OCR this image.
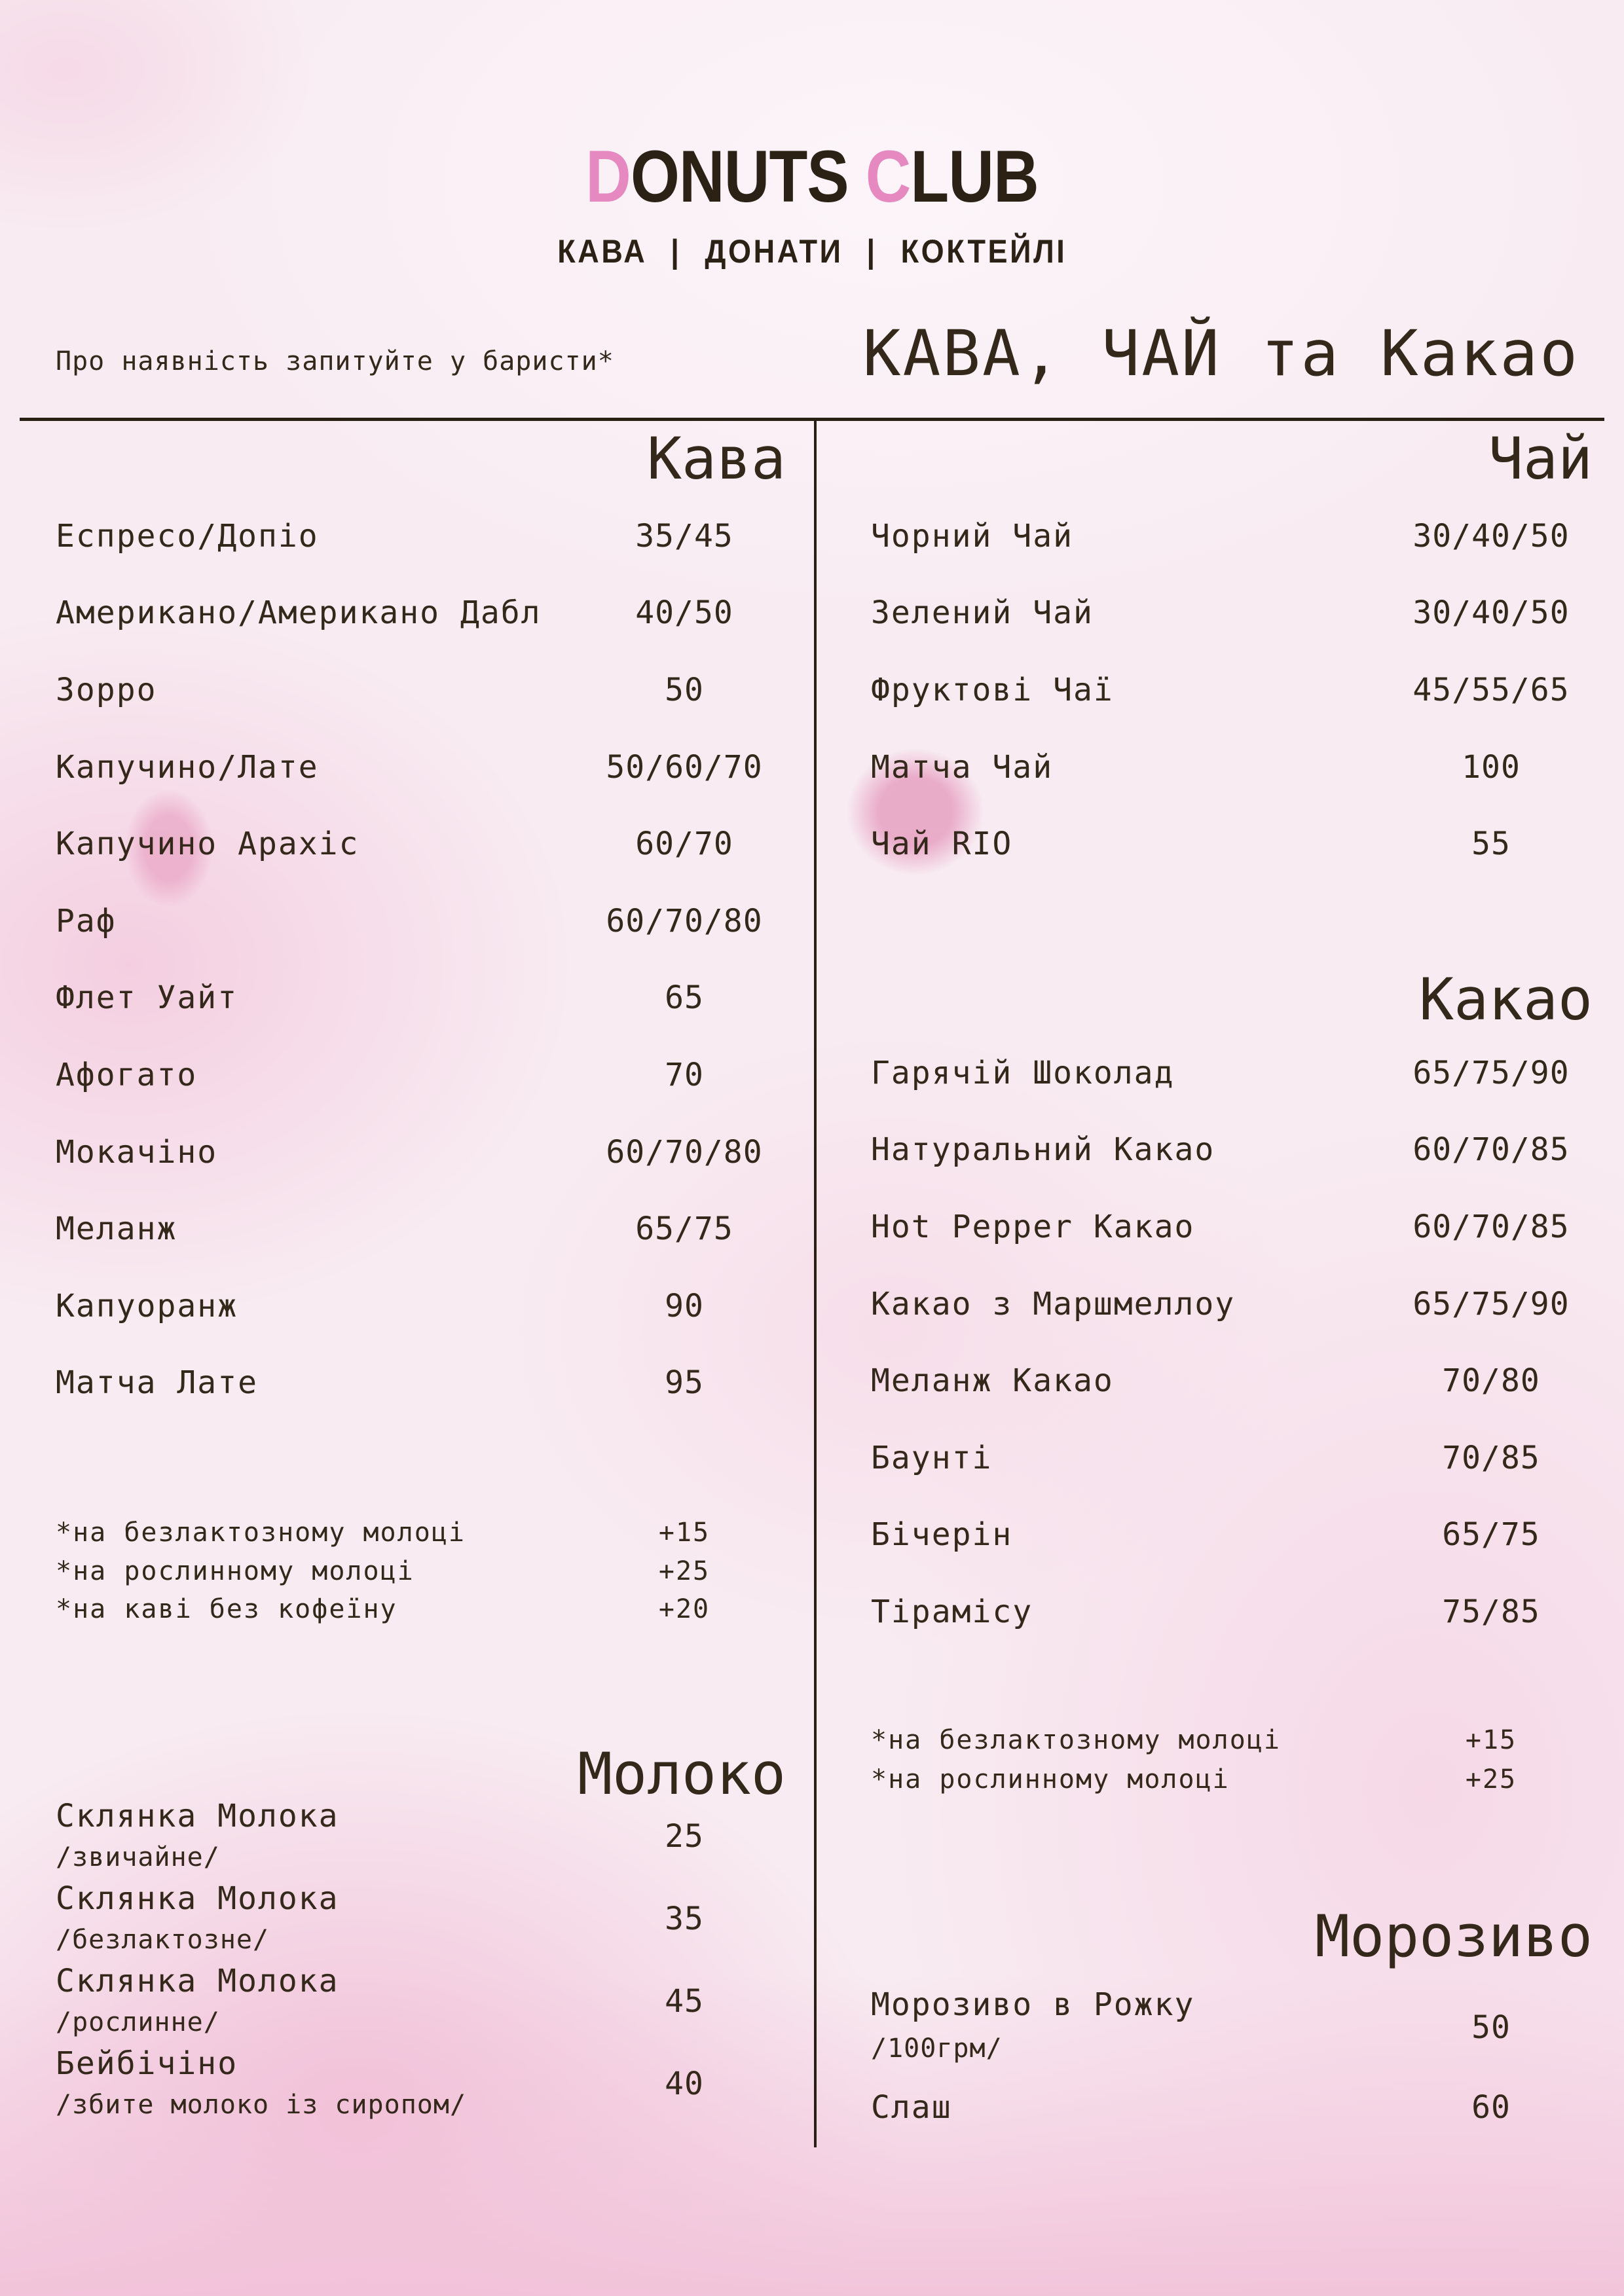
DONUTS CLUB
КАВА | ДОНАТИ | КОКТЕЙЛІ
Про наявність запитуйте у баристи*	КАВА, ЧАЙ та Какао
Кава
Еспресо/Допіо	35/45
Американо/Американо Дабл	40/50
Зорро	50
Капучино/Лате	50/60/70
Капучино Арахіс	60/70
Раф	60/70/80
Флет Уайт	65
Афогато	70
Мокачіно	60/70/80
Меланж	65/75
Капуоранж	90
Матча Лате	95
*на безлактозному молоці	+15
*на рослинному молоці	+25
*на каві без кофеїну	+20
Молоко
Склянка Молока
/звичайне/
25
Склянка Молока
/безлактозне/
35
Склянка Молока
/рослинне/
45
Бейбічіно
/збите молоко із сиропом/
40
Чай
Чорний Чай	30/40/50
Зелений Чай	30/40/50
Фруктові Чаї	45/55/65
Матча Чай	100
Чай RIO	55
Какао
Гарячій Шоколад	65/75/90
Натуральний Какао	60/70/85
Hot Pepper Какао	60/70/85
Какао з Маршмеллоу	65/75/90
Меланж Какао	70/80
Баунті	70/85
Бічерін	65/75
Тірамісу	75/85
*на безлактозному молоці	+15
*на рослинному молоці	+25
Морозиво
Морозиво в Рожку
/100грм/
50
Слаш	60
